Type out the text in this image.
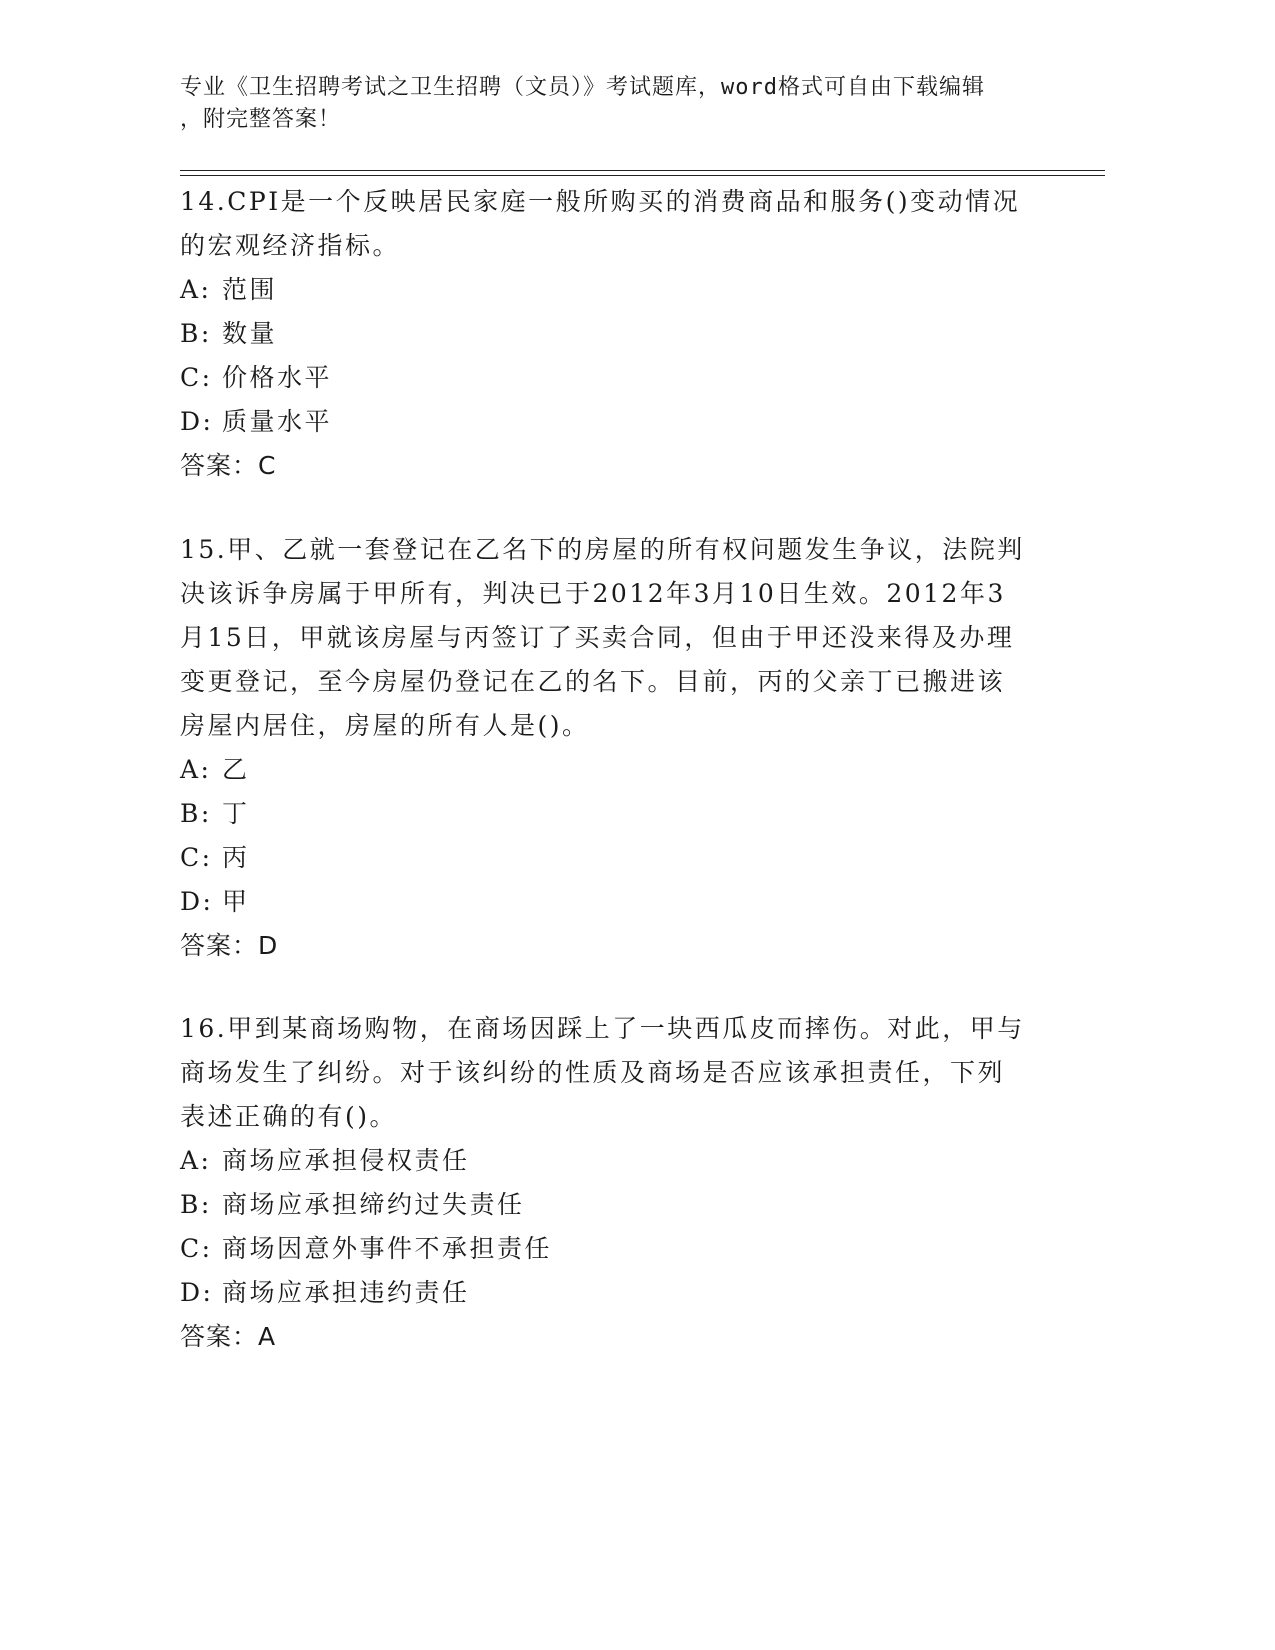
专业《卫生招聘考试之卫生招聘（文员）》考试题库，word格式可自由下载编辑
，附完整答案！

14.CPI是一个反映居民家庭一般所购买的消费商品和服务()变动情况

的宏观经济指标。

A: 范围

B: 数量

C: 价格水平

D: 质量水平

答案：C

15.甲、乙就一套登记在乙名下的房屋的所有权问题发生争议，法院判

决该诉争房属于甲所有，判决已于2012年3月10日生效。2012年3

月15日，甲就该房屋与丙签订了买卖合同，但由于甲还没来得及办理

变更登记，至今房屋仍登记在乙的名下。目前，丙的父亲丁已搬进该

房屋内居住，房屋的所有人是()。

A: 乙

B: 丁

C: 丙

D: 甲

答案：D

16.甲到某商场购物，在商场因踩上了一块西瓜皮而摔伤。对此，甲与

商场发生了纠纷。对于该纠纷的性质及商场是否应该承担责任，下列

表述正确的有()。

A: 商场应承担侵权责任

B: 商场应承担缔约过失责任

C: 商场因意外事件不承担责任

D: 商场应承担违约责任

答案：A
